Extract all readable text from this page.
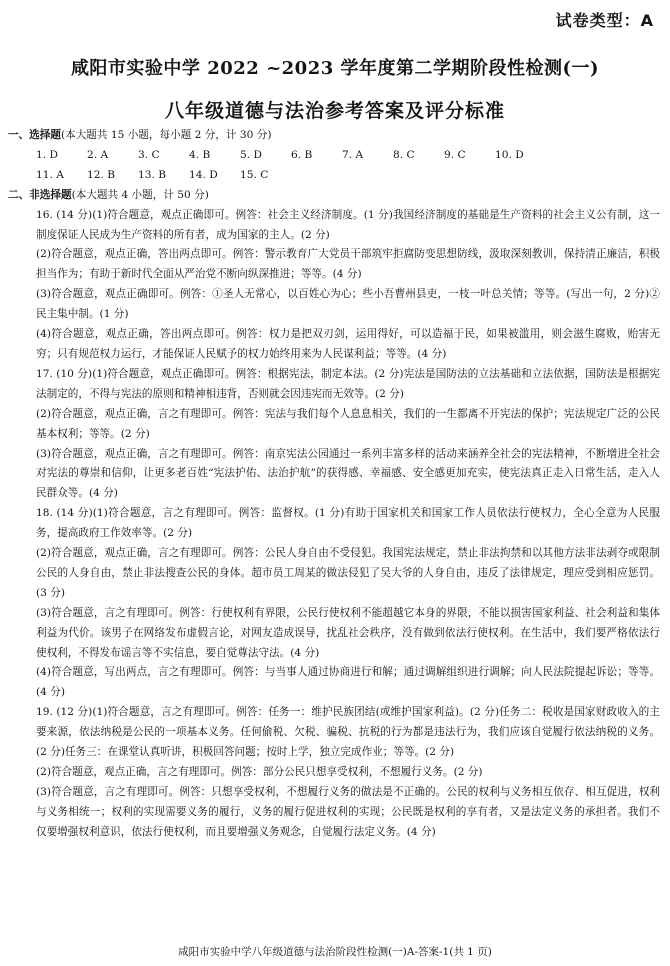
试卷类型：A
咸阳市实验中学 2022 ~2023 学年度第二学期阶段性检测(一)
八年级道德与法治参考答案及评分标准

一、选择题(本大题共 15 小题，每小题 2 分，计 30 分)

1. D	2. A	3. C	4. B	5. D	6. B	7. A	8. C	9. C	10. D
11. A	12. B	13. B	14. D	15. C

二、非选择题(本大题共 4 小题，计 50 分)

16. (14 分)(1)符合题意，观点正确即可。例答：社会主义经济制度。(1 分)我国经济制度的基础是生产资料的社会主义公有制，这一制度保证人民成为生产资料的所有者，成为国家的主人。(2 分)

(2)符合题意，观点正确，答出两点即可。例答：警示教育广大党员干部筑牢拒腐防变思想防线，汲取深刻教训，保持清正廉洁，积极担当作为；有助于新时代全面从严治党不断向纵深推进；等等。(4 分)

(3)符合题意，观点正确即可。例答：①圣人无常心，以百姓心为心；些小吾曹州县吏，一枝一叶总关情；等等。(写出一句，2 分)②民主集中制。(1 分)

(4)符合题意，观点正确，答出两点即可。例答：权力是把双刃剑，运用得好，可以造福于民，如果被滥用，则会滋生腐败，贻害无穷；只有规范权力运行，才能保证人民赋予的权力始终用来为人民谋利益；等等。(4 分)

17. (10 分)(1)符合题意，观点正确即可。例答：根据宪法，制定本法。(2 分)宪法是国防法的立法基础和立法依据，国防法是根据宪法制定的，不得与宪法的原则和精神相违背，否则就会因违宪而无效等。(2 分)

(2)符合题意，观点正确，言之有理即可。例答：宪法与我们每个人息息相关，我们的一生都离不开宪法的保护；宪法规定广泛的公民基本权利；等等。(2 分)

(3)符合题意，观点正确，言之有理即可。例答：南京宪法公园通过一系列丰富多样的活动来涵养全社会的宪法精神，不断增进全社会对宪法的尊崇和信仰，让更多老百姓“宪法护佑、法治护航”的获得感、幸福感、安全感更加充实，使宪法真正走入日常生活，走入人民群众等。(4 分)

18. (14 分)(1)符合题意，言之有理即可。例答：监督权。(1 分)有助于国家机关和国家工作人员依法行使权力，全心全意为人民服务，提高政府工作效率等。(2 分)

(2)符合题意，观点正确，言之有理即可。例答：公民人身自由不受侵犯。我国宪法规定，禁止非法拘禁和以其他方法非法剥夺或限制公民的人身自由，禁止非法搜查公民的身体。超市员工周某的做法侵犯了吴大爷的人身自由，违反了法律规定，理应受到相应惩罚。(3 分)

(3)符合题意，言之有理即可。例答：行使权利有界限，公民行使权利不能超越它本身的界限，不能以损害国家利益、社会利益和集体利益为代价。该男子在网络发布虚假言论，对网友造成误导，扰乱社会秩序，没有做到依法行使权利。在生活中，我们要严格依法行使权利，不得发布谣言等不实信息，要自觉尊法守法。(4 分)

(4)符合题意，写出两点，言之有理即可。例答：与当事人通过协商进行和解；通过调解组织进行调解；向人民法院提起诉讼；等等。(4 分)

19. (12 分)(1)符合题意，言之有理即可。例答：任务一：维护民族团结(或维护国家利益)。(2 分)任务二：税收是国家财政收入的主要来源，依法纳税是公民的一项基本义务。任何偷税、欠税、骗税、抗税的行为都是违法行为，我们应该自觉履行依法纳税的义务。(2 分)任务三：在课堂认真听讲，积极回答问题；按时上学，独立完成作业；等等。(2 分)

(2)符合题意，观点正确，言之有理即可。例答：部分公民只想享受权利，不想履行义务。(2 分)

(3)符合题意，言之有理即可。例答：只想享受权利，不想履行义务的做法是不正确的。公民的权利与义务相互依存、相互促进，权利与义务相统一；权利的实现需要义务的履行，义务的履行促进权利的实现；公民既是权利的享有者，又是法定义务的承担者。我们不仅要增强权利意识，依法行使权利，而且要增强义务观念，自觉履行法定义务。(4 分)

咸阳市实验中学八年级道德与法治阶段性检测(一)A-答案-1(共 1 页)
